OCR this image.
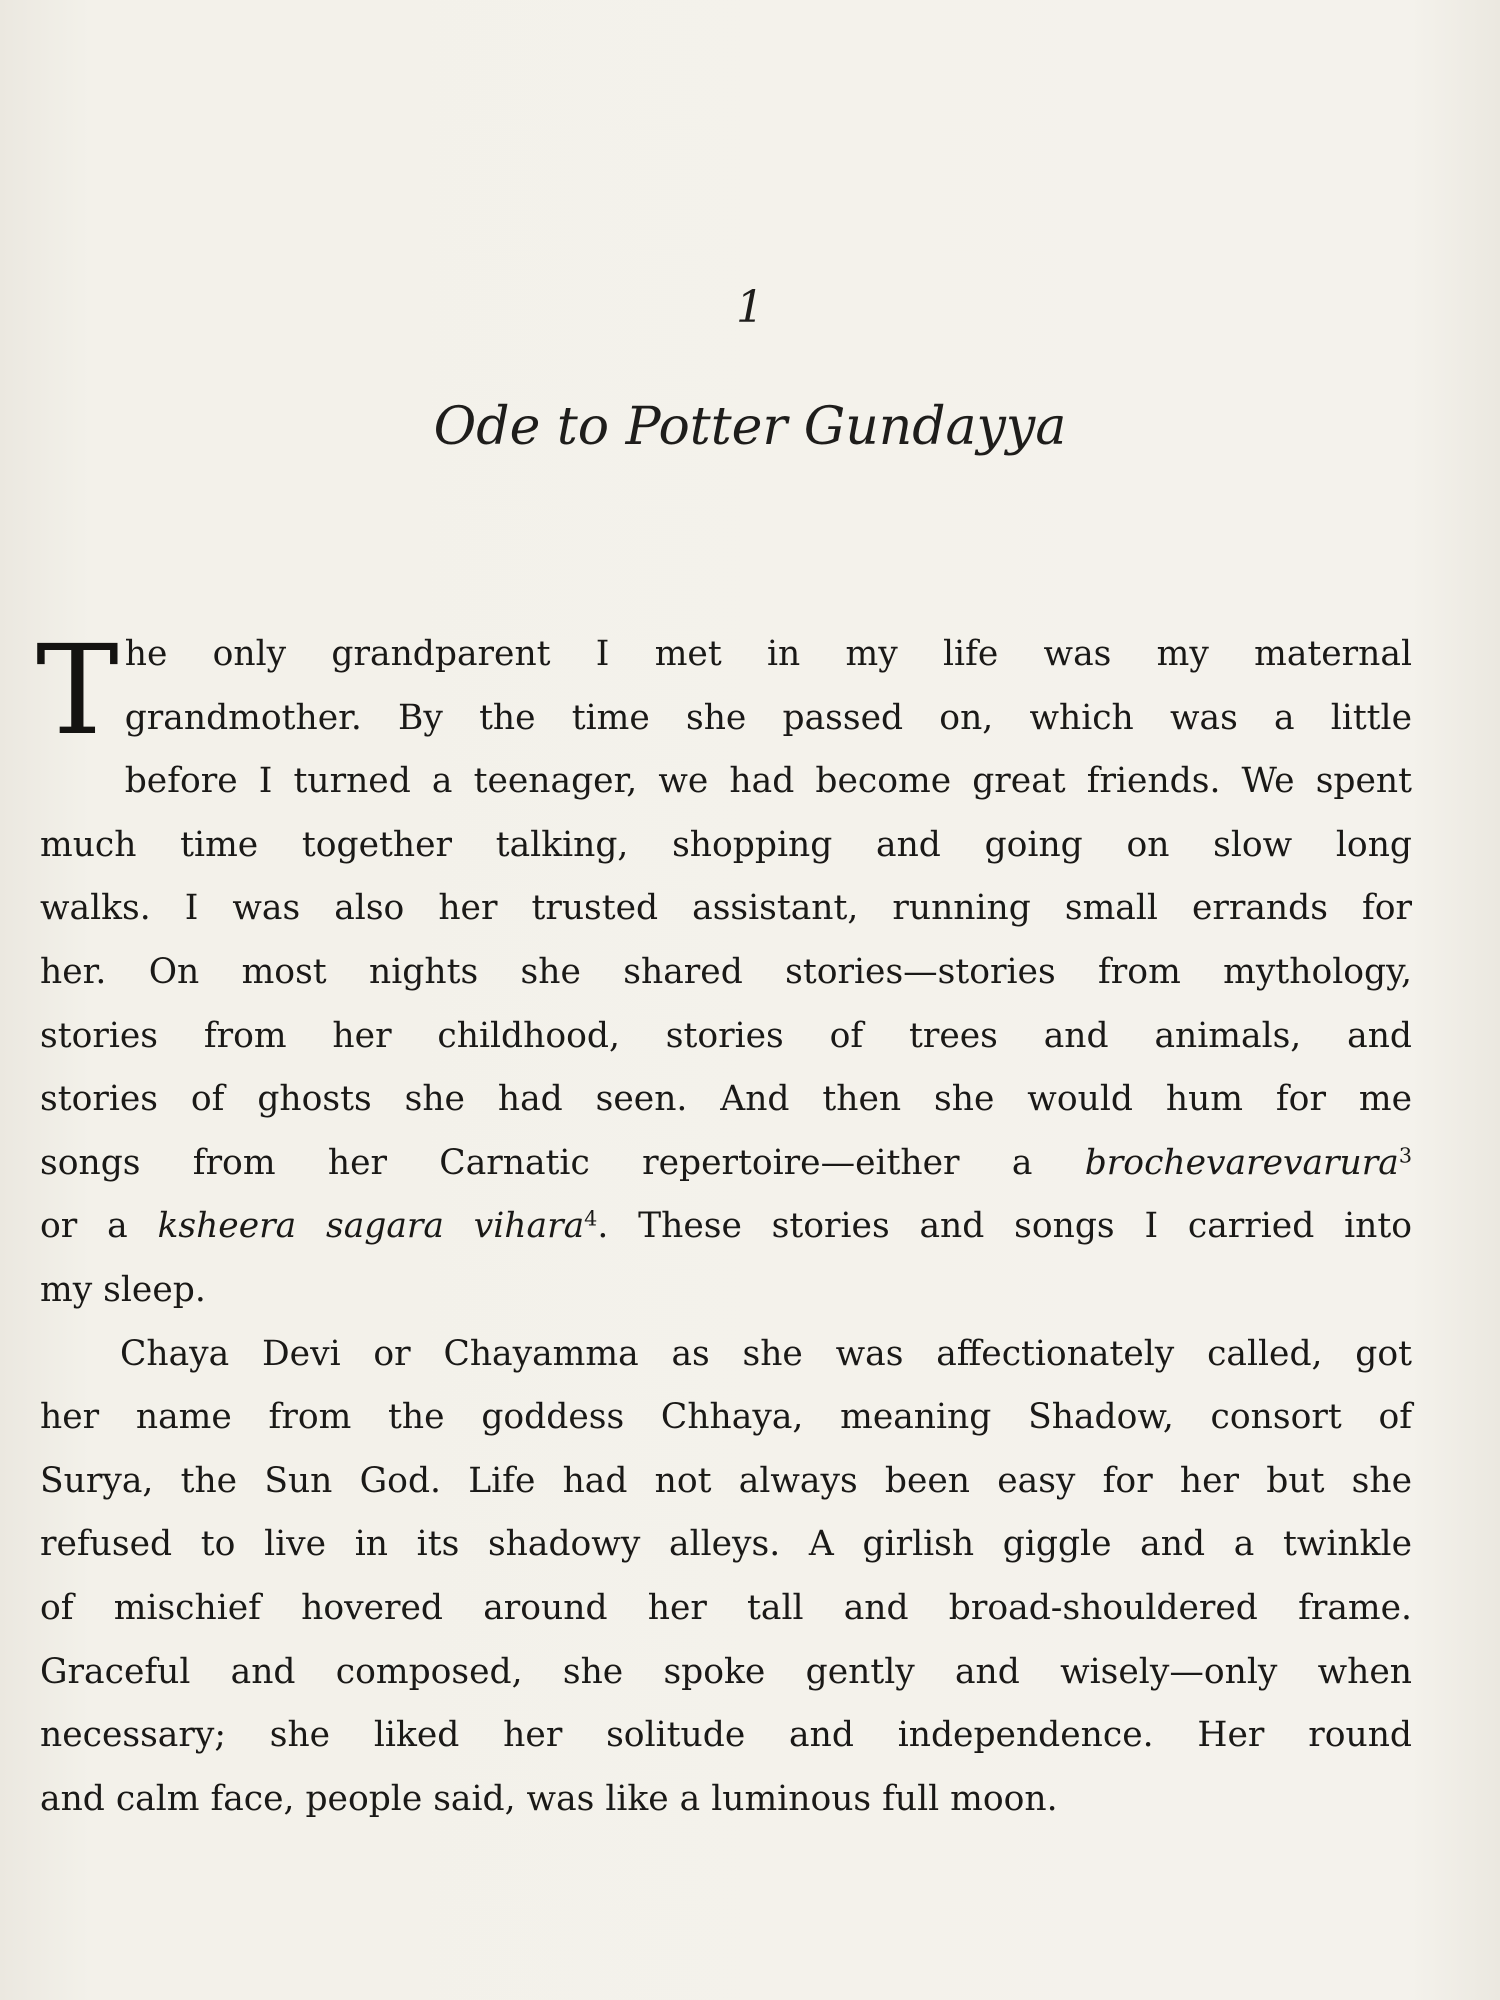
1
Ode to Potter Gundayya
T he only grandparent I met in my life was my maternal
grandmother. By the time she passed on, which was a little
before I turned a teenager, we had become great friends. We spent
much time together talking, shopping and going on slow long
walks. I was also her trusted assistant, running small errands for
her. On most nights she shared stories—stories from mythology,
stories from her childhood, stories of trees and animals, and
stories of ghosts she had seen. And then she would hum for me
songs from her Carnatic repertoire—either a brochevarevarura$^3$
or a ksheera sagara vihara$^4$. These stories and songs I carried into
my sleep.
Chaya Devi or Chayamma as she was affectionately called, got
her name from the goddess Chhaya, meaning Shadow, consort of
Surya, the Sun God. Life had not always been easy for her but she
refused to live in its shadowy alleys. A girlish giggle and a twinkle
of mischief hovered around her tall and broad-shouldered frame.
Graceful and composed, she spoke gently and wisely—only when
necessary; she liked her solitude and independence. Her round
and calm face, people said, was like a luminous full moon.
